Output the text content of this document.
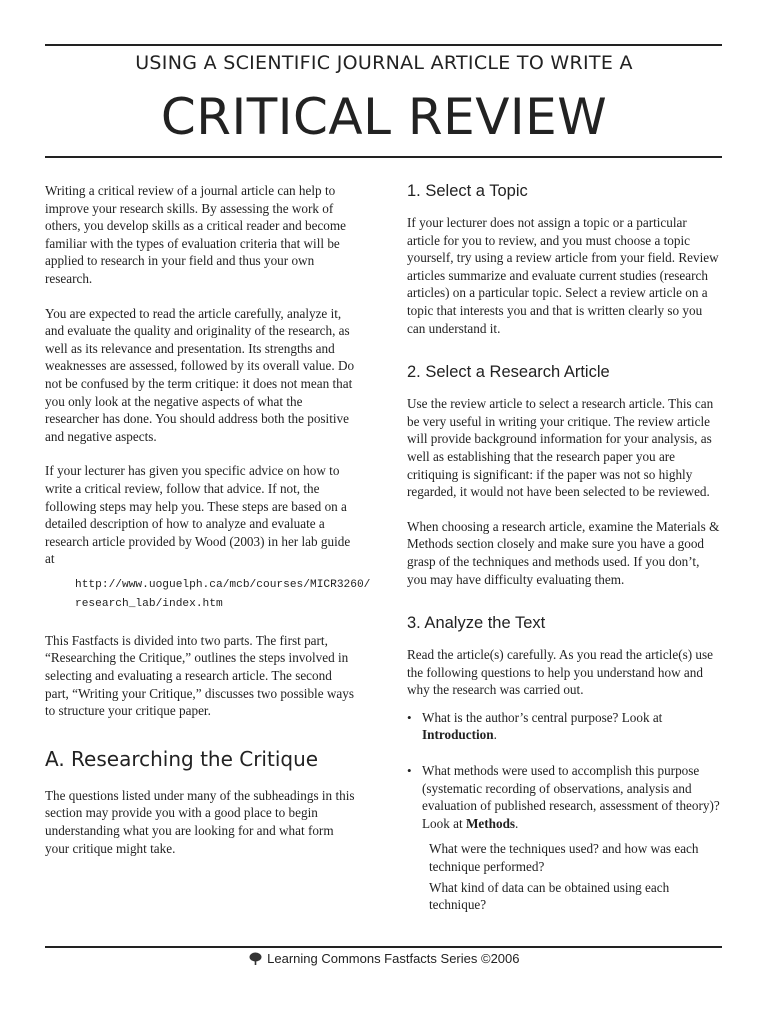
USING A SCIENTIFIC JOURNAL ARTICLE TO WRITE A
CRITICAL REVIEW

Writing a critical review of a journal article can help to improve your research skills. By assessing the work of others, you develop skills as a critical reader and become familiar with the types of evaluation criteria that will be applied to research in your field and thus your own research.

You are expected to read the article carefully, analyze it, and evaluate the quality and originality of the research, as well as its relevance and presentation. Its strengths and weaknesses are assessed, followed by its overall value. Do not be confused by the term critique: it does not mean that you only look at the negative aspects of what the researcher has done. You should address both the positive and negative aspects.

If your lecturer has given you specific advice on how to write a critical review, follow that advice. If not, the following steps may help you. These steps are based on a detailed description of how to analyze and evaluate a research article provided by Wood (2003) in her lab guide at

http://www.uoguelph.ca/mcb/courses/MICR3260/
research_lab/index.htm

This Fastfacts is divided into two parts. The first part, “Researching the Critique,” outlines the steps involved in selecting and evaluating a research article. The second part, “Writing your Critique,” discusses two possible ways to structure your critique paper.

A. Researching the Critique

The questions listed under many of the subheadings in this section may provide you with a good place to begin understanding what you are looking for and what form your critique might take.

1. Select a Topic

If your lecturer does not assign a topic or a particular article for you to review, and you must choose a topic yourself, try using a review article from your field. Review articles summarize and evaluate current studies (research articles) on a particular topic. Select a review article on a topic that interests you and that is written clearly so you can understand it.

2. Select a Research Article

Use the review article to select a research article. This can be very useful in writing your critique. The review article will provide background information for your analysis, as well as establishing that the research paper you are critiquing is significant: if the paper was not so highly regarded, it would not have been selected to be reviewed.

When choosing a research article, examine the Materials & Methods section closely and make sure you have a good grasp of the techniques and methods used. If you don’t, you may have difficulty evaluating them.

3. Analyze the Text

Read the article(s) carefully. As you read the article(s) use the following questions to help you understand how and why the research was carried out.

• What is the author’s central purpose? Look at Introduction.

• What methods were used to accomplish this purpose (systematic recording of observations, analysis and evaluation of published research, assessment of theory)? Look at Methods.

What were the techniques used? and how was each technique performed?

What kind of data can be obtained using each technique?

Learning Commons Fastfacts Series ©2006
